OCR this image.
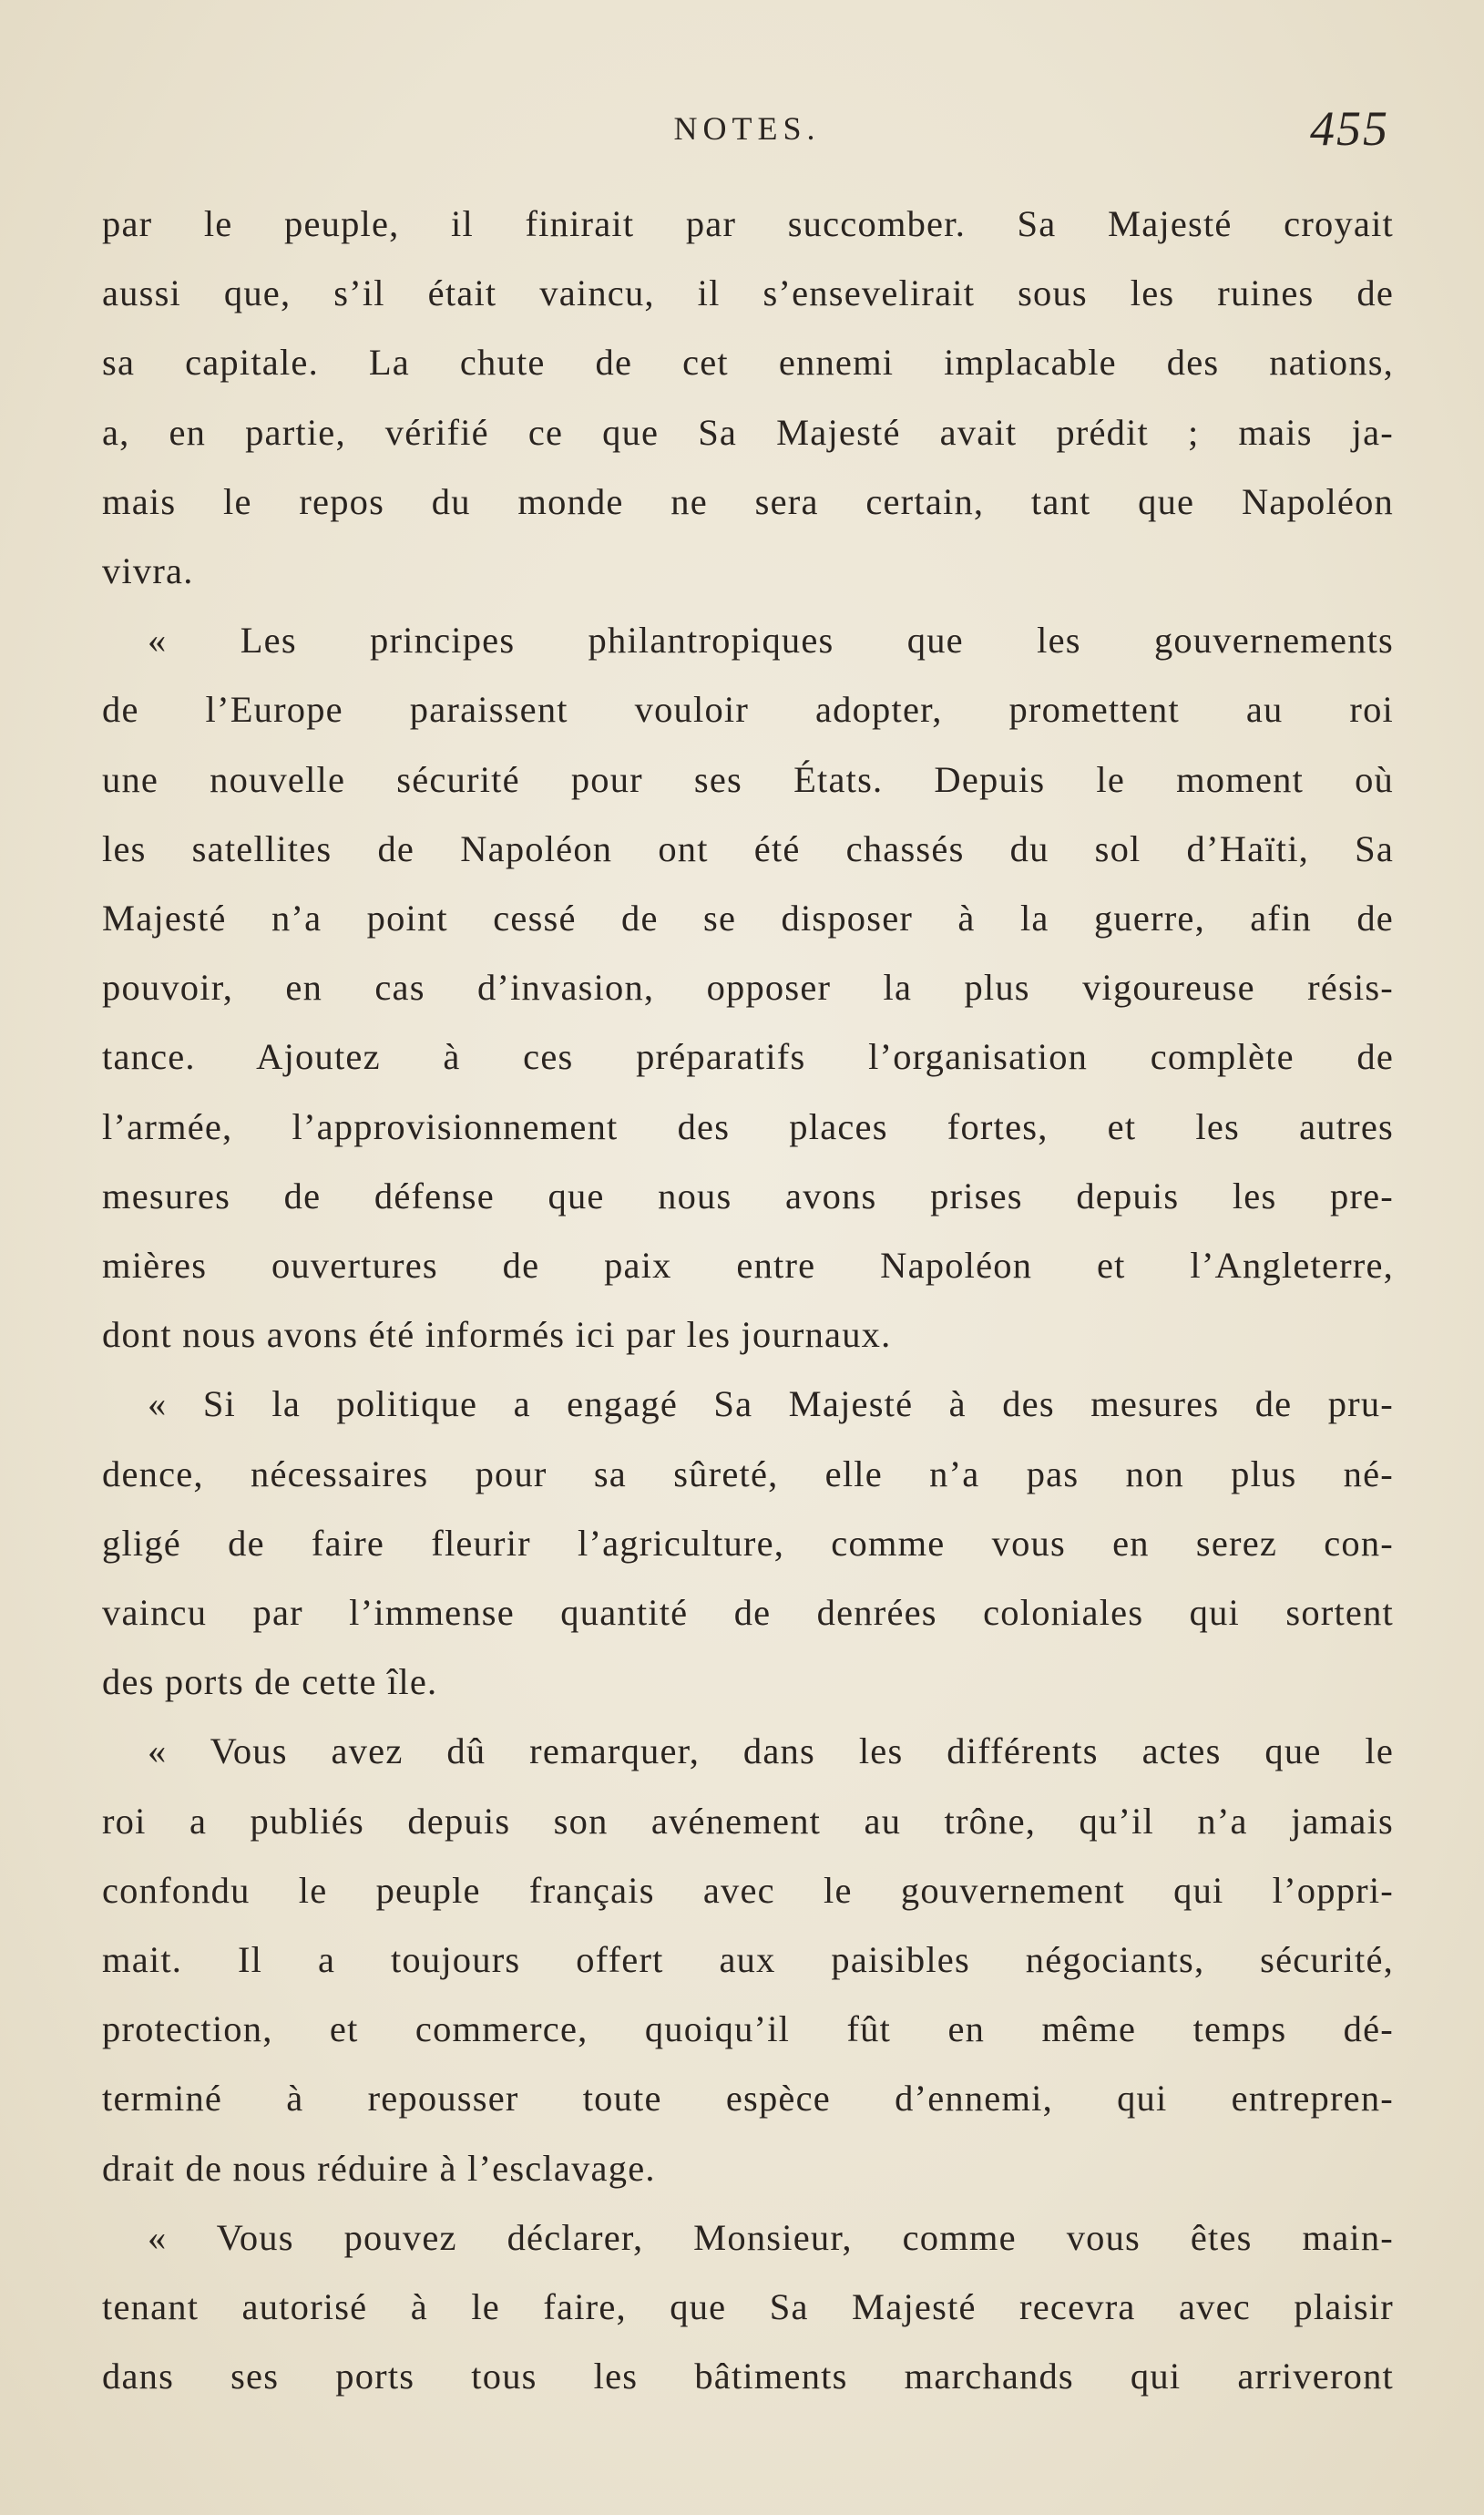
NOTES.	455

par le peuple, il finirait par succomber. Sa Majesté croyait

aussi que, s’il était vaincu, il s’ensevelirait sous les ruines de

sa capitale. La chute de cet ennemi implacable des nations,

a, en partie, vérifié ce que Sa Majesté avait prédit ; mais ja-

mais le repos du monde ne sera certain, tant que Napoléon

vivra.

« Les principes philantropiques que les gouvernements

de l’Europe paraissent vouloir adopter, promettent au roi

une nouvelle sécurité pour ses États. Depuis le moment où

les satellites de Napoléon ont été chassés du sol d’Haïti, Sa

Majesté n’a point cessé de se disposer à la guerre, afin de

pouvoir, en cas d’invasion, opposer la plus vigoureuse résis-

tance. Ajoutez à ces préparatifs l’organisation complète de

l’armée, l’approvisionnement des places fortes, et les autres

mesures de défense que nous avons prises depuis les pre-

mières ouvertures de paix entre Napoléon et l’Angleterre,

dont nous avons été informés ici par les journaux.

« Si la politique a engagé Sa Majesté à des mesures de pru-

dence, nécessaires pour sa sûreté, elle n’a pas non plus né-

gligé de faire fleurir l’agriculture, comme vous en serez con-

vaincu par l’immense quantité de denrées coloniales qui sortent

des ports de cette île.

« Vous avez dû remarquer, dans les différents actes que le

roi a publiés depuis son avénement au trône, qu’il n’a jamais

confondu le peuple français avec le gouvernement qui l’oppri-

mait. Il a toujours offert aux paisibles négociants, sécurité,

protection, et commerce, quoiqu’il fût en même temps dé-

terminé à repousser toute espèce d’ennemi, qui entrepren-

drait de nous réduire à l’esclavage.

« Vous pouvez déclarer, Monsieur, comme vous êtes main-

tenant autorisé à le faire, que Sa Majesté recevra avec plaisir

dans ses ports tous les bâtiments marchands qui arriveront
